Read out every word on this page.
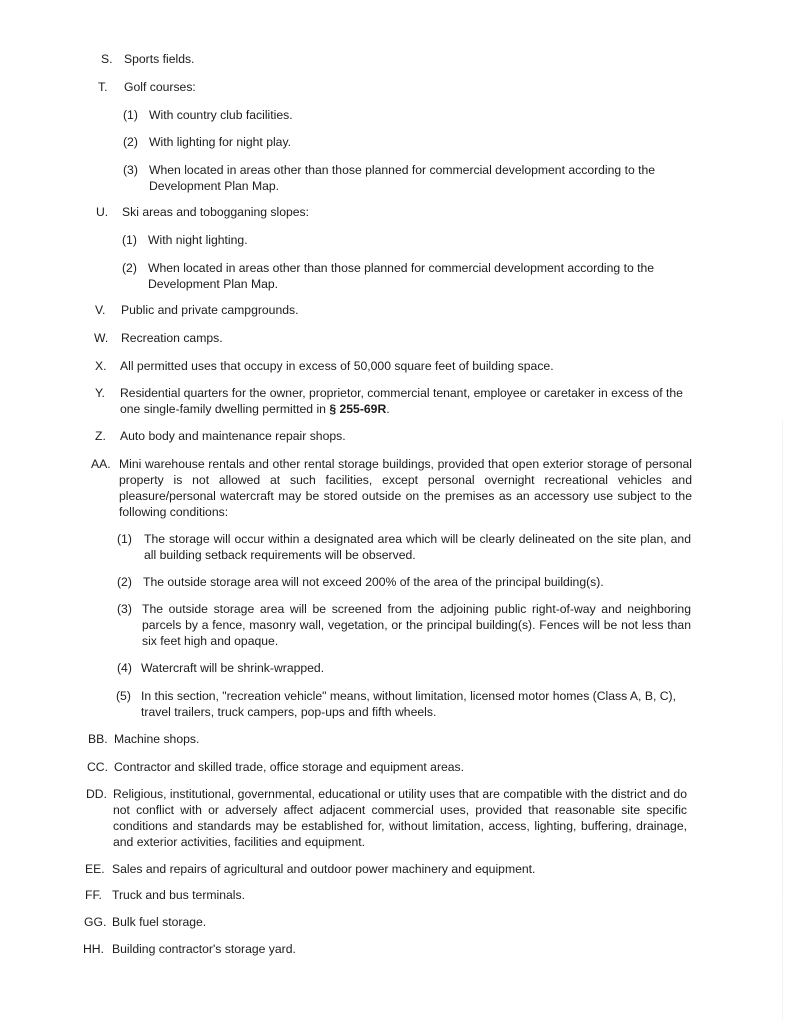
S. Sports fields.
T. Golf courses:
(1) With country club facilities.
(2) With lighting for night play.
(3) When located in areas other than those planned for commercial development according to the Development Plan Map.
U. Ski areas and tobogganing slopes:
(1) With night lighting.
(2) When located in areas other than those planned for commercial development according to the Development Plan Map.
V. Public and private campgrounds.
W. Recreation camps.
X. All permitted uses that occupy in excess of 50,000 square feet of building space.
Y. Residential quarters for the owner, proprietor, commercial tenant, employee or caretaker in excess of the one single-family dwelling permitted in § 255-69R.
Z. Auto body and maintenance repair shops.
AA. Mini warehouse rentals and other rental storage buildings, provided that open exterior storage of personal property is not allowed at such facilities, except personal overnight recreational vehicles and pleasure/personal watercraft may be stored outside on the premises as an accessory use subject to the following conditions:
(1) The storage will occur within a designated area which will be clearly delineated on the site plan, and all building setback requirements will be observed.
(2) The outside storage area will not exceed 200% of the area of the principal building(s).
(3) The outside storage area will be screened from the adjoining public right-of-way and neighboring parcels by a fence, masonry wall, vegetation, or the principal building(s). Fences will be not less than six feet high and opaque.
(4) Watercraft will be shrink-wrapped.
(5) In this section, "recreation vehicle" means, without limitation, licensed motor homes (Class A, B, C), travel trailers, truck campers, pop-ups and fifth wheels.
BB. Machine shops.
CC. Contractor and skilled trade, office storage and equipment areas.
DD. Religious, institutional, governmental, educational or utility uses that are compatible with the district and do not conflict with or adversely affect adjacent commercial uses, provided that reasonable site specific conditions and standards may be established for, without limitation, access, lighting, buffering, drainage, and exterior activities, facilities and equipment.
EE. Sales and repairs of agricultural and outdoor power machinery and equipment.
FF. Truck and bus terminals.
GG. Bulk fuel storage.
HH. Building contractor's storage yard.
